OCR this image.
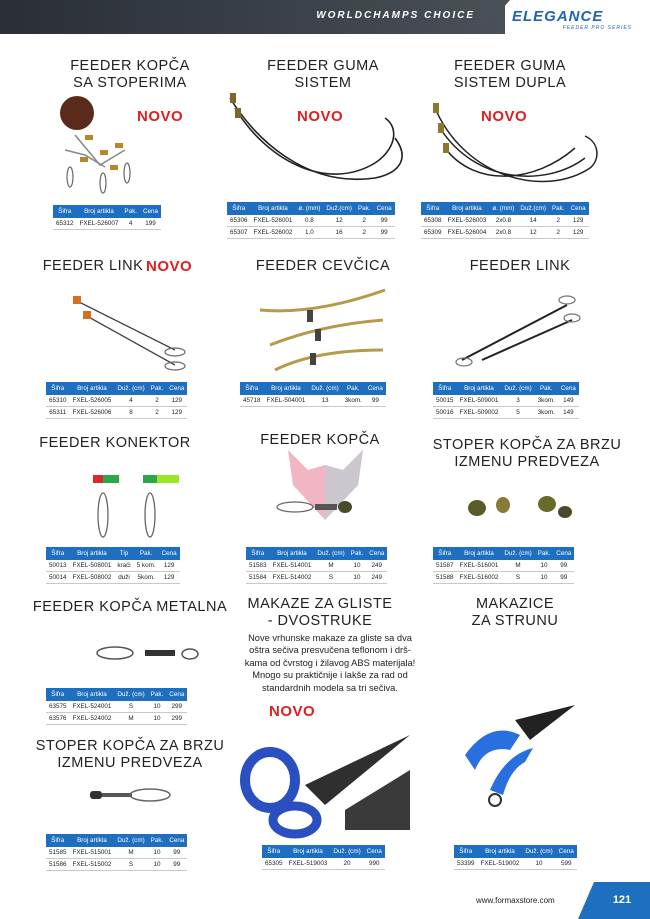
WORLDCHAMPS CHOICE ELEGANCE
FEEDER PRO SERIES
FEEDER KOPČA
SA STOPERIMA
FEEDER GUMA
SISTEM
FEEDER GUMA
SISTEM DUPLA
FEEDER LINK	FEEDER CEVČICA	FEEDER LINK
FEEDER KONEKTOR	FEEDER KOPČA	STOPER KOPČA ZA BRZU
IZMENU PREDVEZA
FEEDER KOPČA METALNA	MAKAZE ZA GLISTE
- DVOSTRUKE
MAKAZICE
ZA STRUNU
STOPER KOPČA ZA BRZU
IZMENU PREDVEZA
NOVO	NOVO	NOVO
NOVO
NOVO
Nove vrhunske makaze za gliste sa dva
oštra sečiva presvučena teflonom i drš-
kama od čvrstog i žilavog ABS materijala!
Mnogo su praktičnije i lakše za rad od
standardnih modela sa tri sečiva.
Šifra	Broj artikla	Pak.	Cena
65312	FXEL-526007	4	199
Šifra	Broj artikla	ø. (mm)	Duž.(cm)	Pak.	Cena
65306	FXEL-526001	0.8	12	2	99
65307	FXEL-526002	1.0	16	2	99
Šifra	Broj artikla	ø. (mm)	Duž.(cm)	Pak.	Cena
65308	FXEL-526003	2x0.8	14	2	129
65309	FXEL-526004	2x0.8	12	2	129
Šifra	Broj artikla	Duž. (cm)	Pak.	Cena
65310	FXEL-526005	4	2	129
65311	FXEL-526006	8	2	129
Šifra	Broj artikla	Duž. (cm)	Pak.	Cena
45718	FXEL-504001	13	3kom.	99
Šifra	Broj artikla	Duž. (cm)	Pak.	Cena
50015	FXEL-509001	3	3kom.	149
50016	FXEL-509002	5	3kom.	149
Šifra	Broj artikla	Tip	Pak.	Cena
50013	FXEL-508001	kraći	5 kom.	129
50014	FXEL-508002	duži	5kom.	129
Šifra	Broj artikla	Duž. (cm)	Pak.	Cena
51583	FXEL-514001	M	10	249
51584	FXEL-514002	S	10	249
Šifra	Broj artikla	Duž. (cm)	Pak.	Cena
51587	FXEL-516001	M	10	99
51588	FXEL-516002	S	10	99
Šifra	Broj artikla	Duž. (cm)	Pak.	Cena
63575	FXEL-524001	S	10	299
63576	FXEL-524002	M	10	299
Šifra	Broj artikla	Duž. (cm)	Pak.	Cena
51585	FXEL-515001	M	10	99
51586	FXEL-515002	S	10	99
Šifra	Broj artikla	Duž. (cm)	Cena
65305	FXEL-519003	20	990
Šifra	Broj artikla	Duž. (cm)	Cena
53399	FXEL-519002	10	599
www.formaxstore.com	121
